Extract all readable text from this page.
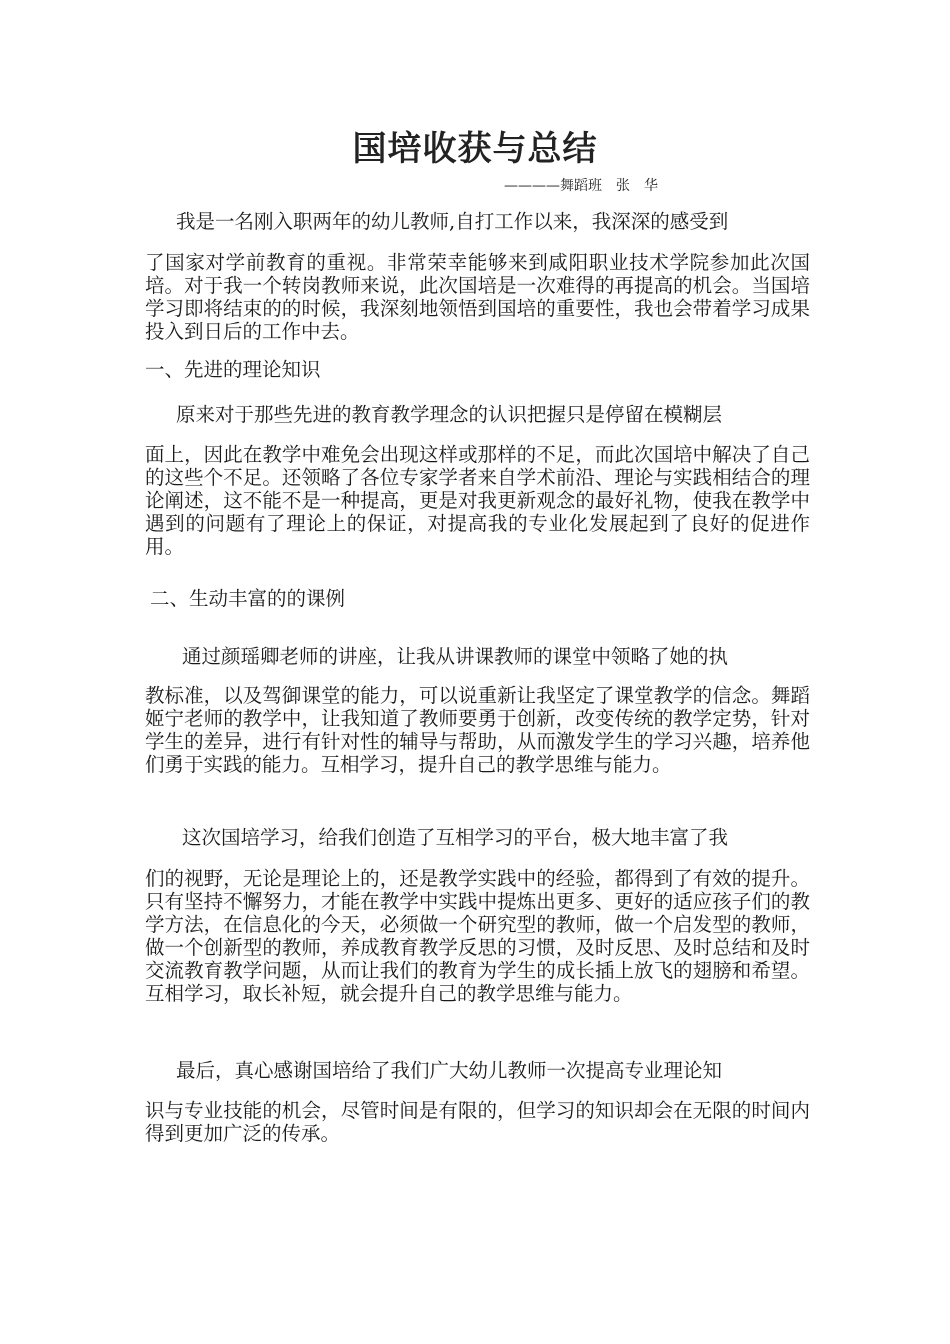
国培收获与总结
————舞蹈班　张　华
我是一名刚入职两年的幼儿教师,自打工作以来，我深深的感受到
了国家对学前教育的重视。非常荣幸能够来到咸阳职业技术学院参加此次国培。对于我一个转岗教师来说，此次国培是一次难得的再提高的机会。当国培学习即将结束的的时候，我深刻地领悟到国培的重要性，我也会带着学习成果投入到日后的工作中去。
一、先进的理论知识
原来对于那些先进的教育教学理念的认识把握只是停留在模糊层
面上，因此在教学中难免会出现这样或那样的不足，而此次国培中解决了自己的这些个不足。还领略了各位专家学者来自学术前沿、理论与实践相结合的理论阐述，这不能不是一种提高，更是对我更新观念的最好礼物，使我在教学中遇到的问题有了理论上的保证，对提高我的专业化发展起到了良好的促进作用。
二、生动丰富的的课例
通过颜瑶卿老师的讲座，让我从讲课教师的课堂中领略了她的执
教标准，以及驾御课堂的能力，可以说重新让我坚定了课堂教学的信念。舞蹈姬宁老师的教学中，让我知道了教师要勇于创新，改变传统的教学定势，针对学生的差异，进行有针对性的辅导与帮助，从而激发学生的学习兴趣，培养他们勇于实践的能力。互相学习，提升自己的教学思维与能力。
这次国培学习，给我们创造了互相学习的平台，极大地丰富了我
们的视野，无论是理论上的，还是教学实践中的经验，都得到了有效的提升。只有坚持不懈努力，才能在教学中实践中提炼出更多、更好的适应孩子们的教学方法，在信息化的今天，必须做一个研究型的教师，做一个启发型的教师，做一个创新型的教师，养成教育教学反思的习惯，及时反思、及时总结和及时交流教育教学问题，从而让我们的教育为学生的成长插上放飞的翅膀和希望。互相学习，取长补短，就会提升自己的教学思维与能力。
最后，真心感谢国培给了我们广大幼儿教师一次提高专业理论知
识与专业技能的机会，尽管时间是有限的，但学习的知识却会在无限的时间内得到更加广泛的传承。
